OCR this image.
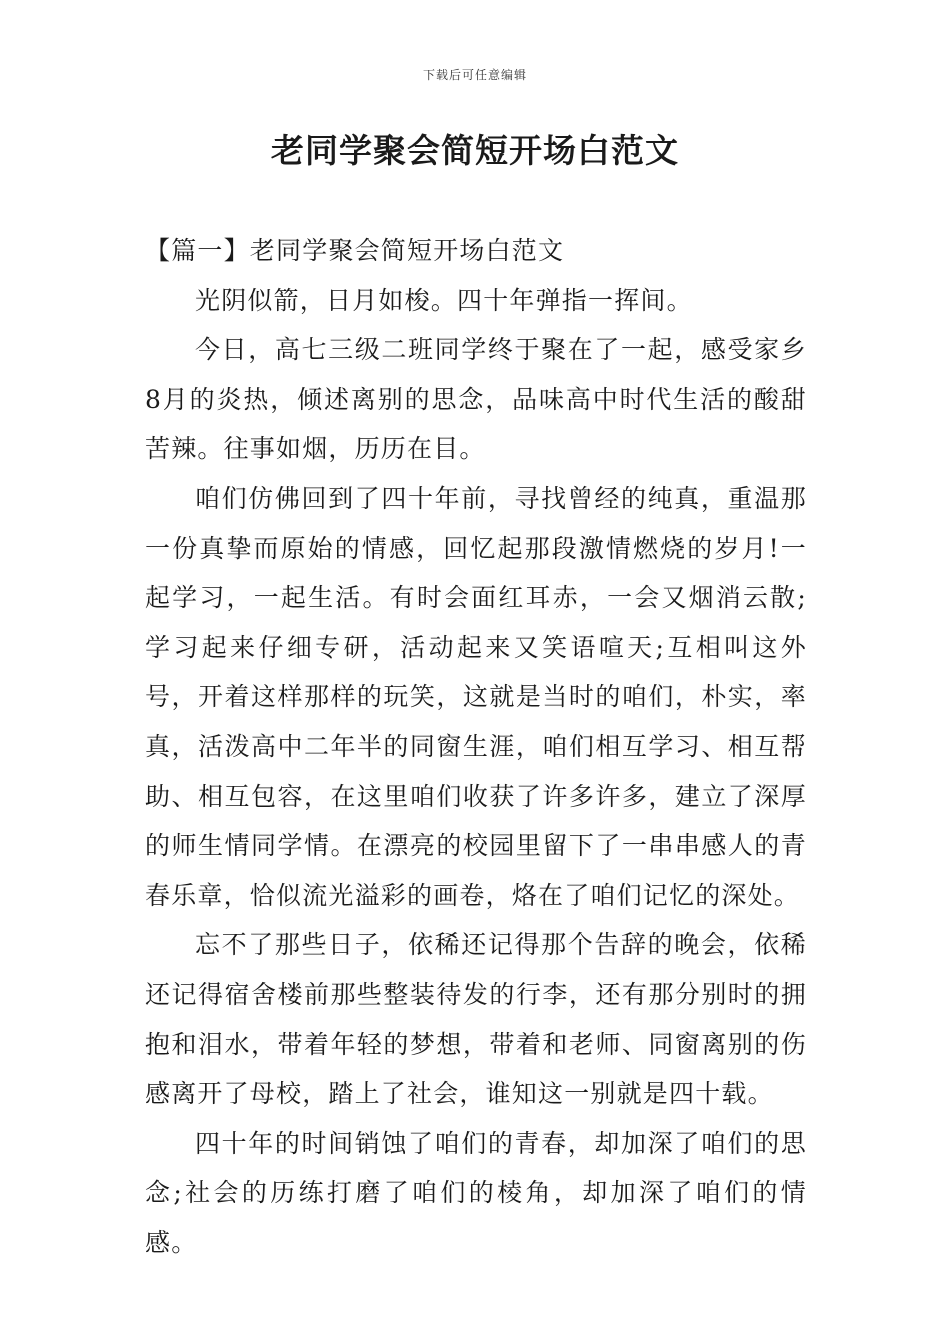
下载后可任意编辑
老同学聚会简短开场白范文

【篇一】老同学聚会简短开场白范文

光阴似箭，日月如梭。四十年弹指一挥间。

今日，高七三级二班同学终于聚在了一起，感受家乡8月的炎热，倾述离别的思念，品味高中时代生活的酸甜苦辣。往事如烟，历历在目。

咱们仿佛回到了四十年前，寻找曾经的纯真，重温那一份真挚而原始的情感，回忆起那段激情燃烧的岁月!一起学习，一起生活。有时会面红耳赤，一会又烟消云散;学习起来仔细专研，活动起来又笑语喧天;互相叫这外号，开着这样那样的玩笑，这就是当时的咱们，朴实，率真，活泼高中二年半的同窗生涯，咱们相互学习、相互帮助、相互包容，在这里咱们收获了许多许多，建立了深厚的师生情同学情。在漂亮的校园里留下了一串串感人的青春乐章，恰似流光溢彩的画卷，烙在了咱们记忆的深处。

忘不了那些日子，依稀还记得那个告辞的晚会，依稀还记得宿舍楼前那些整装待发的行李，还有那分别时的拥抱和泪水，带着年轻的梦想，带着和老师、同窗离别的伤感离开了母校，踏上了社会，谁知这一别就是四十载。

四十年的时间销蚀了咱们的青春，却加深了咱们的思念;社会的历练打磨了咱们的棱角，却加深了咱们的情感。
